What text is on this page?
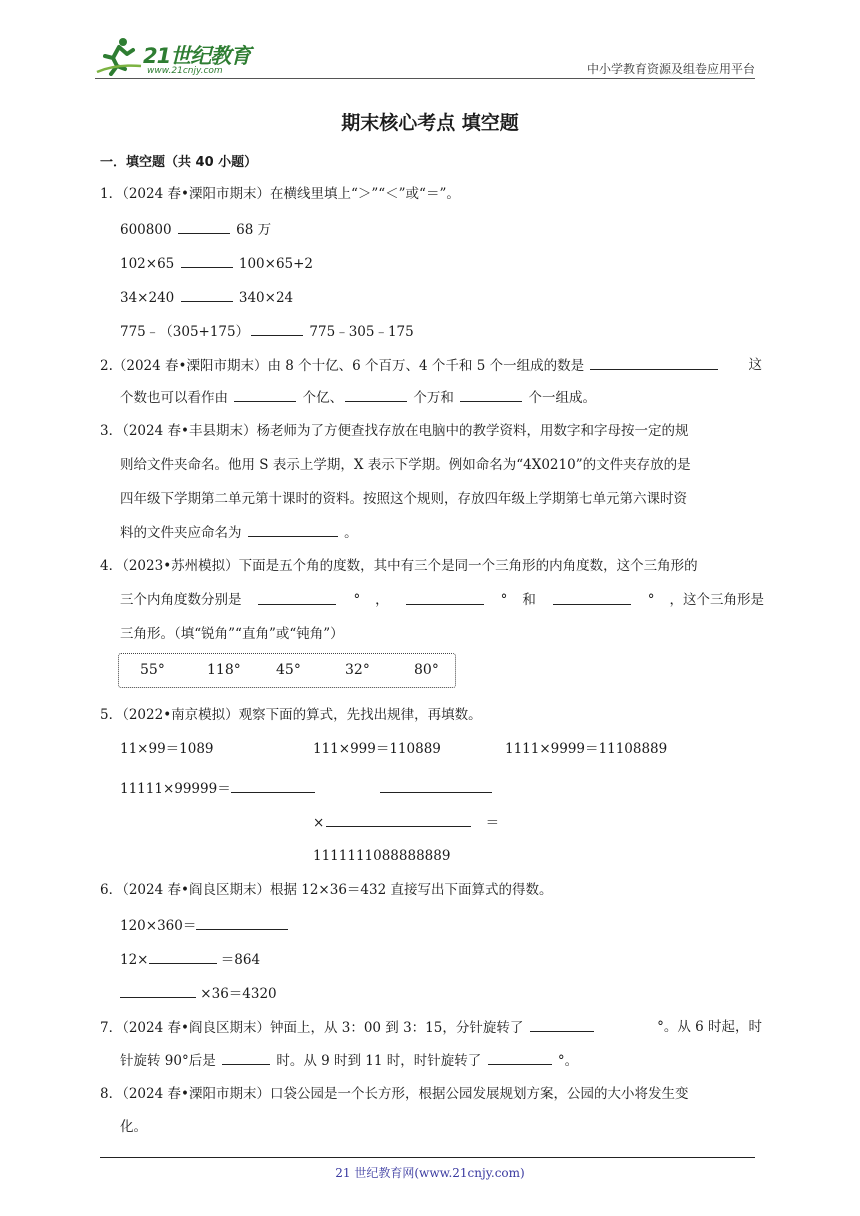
21世纪教育
www.21cnjy.com	中小学教育资源及组卷应用平台
期末核心考点 填空题
一．填空题（共 40 小题）
1．（2024 春•溧阳市期末）在横线里填上“＞”“＜”或“＝”。
600800	68 万
102×65	100×65+2
34×240	340×24
775﹣（305+175）	775﹣305﹣175
2.（2024 春•溧阳市期末）由 8 个十亿、6 个百万、4 个千和 5 个一组成的数是	这
个数也可以看作由	个亿、	个万和	个一组成。
3．（2024 春•丰县期末）杨老师为了方便查找存放在电脑中的教学资料，用数字和字母按一定的规
则给文件夹命名。他用 S 表示上学期，X 表示下学期。例如命名为“4X0210”的文件夹存放的是
四年级下学期第二单元第十课时的资料。按照这个规则，存放四年级上学期第七单元第六课时资
料的文件夹应命名为	。
4．（2023•苏州模拟）下面是五个角的度数，其中有三个是同一个三角形的内角度数，这个三角形的
三个内角度数分别是	° ，	° 和	° ，这个三角形是
三角形。（填“锐角”“直角”或“钝角”）
55°	118°	45°	32°	80°
5．（2022•南京模拟）观察下面的算式，先找出规律，再填数。
11×99＝1089	111×999＝110889	1111×9999＝11108889
11111×99999＝
×	＝
1111111088888889
6．（2024 春•阎良区期末）根据 12×36＝432 直接写出下面算式的得数。
120×360＝
12×	＝864
×36＝4320
7．（2024 春•阎良区期末）钟面上，从 3：00 到 3：15，分针旋转了	°。从 6 时起，时
针旋转 90°后是	时。从 9 时到 11 时，时针旋转了	°。
8．（2024 春•溧阳市期末）口袋公园是一个长方形，根据公园发展规划方案，公园的大小将发生变
化。
21 世纪教育网(www.21cnjy.com)
